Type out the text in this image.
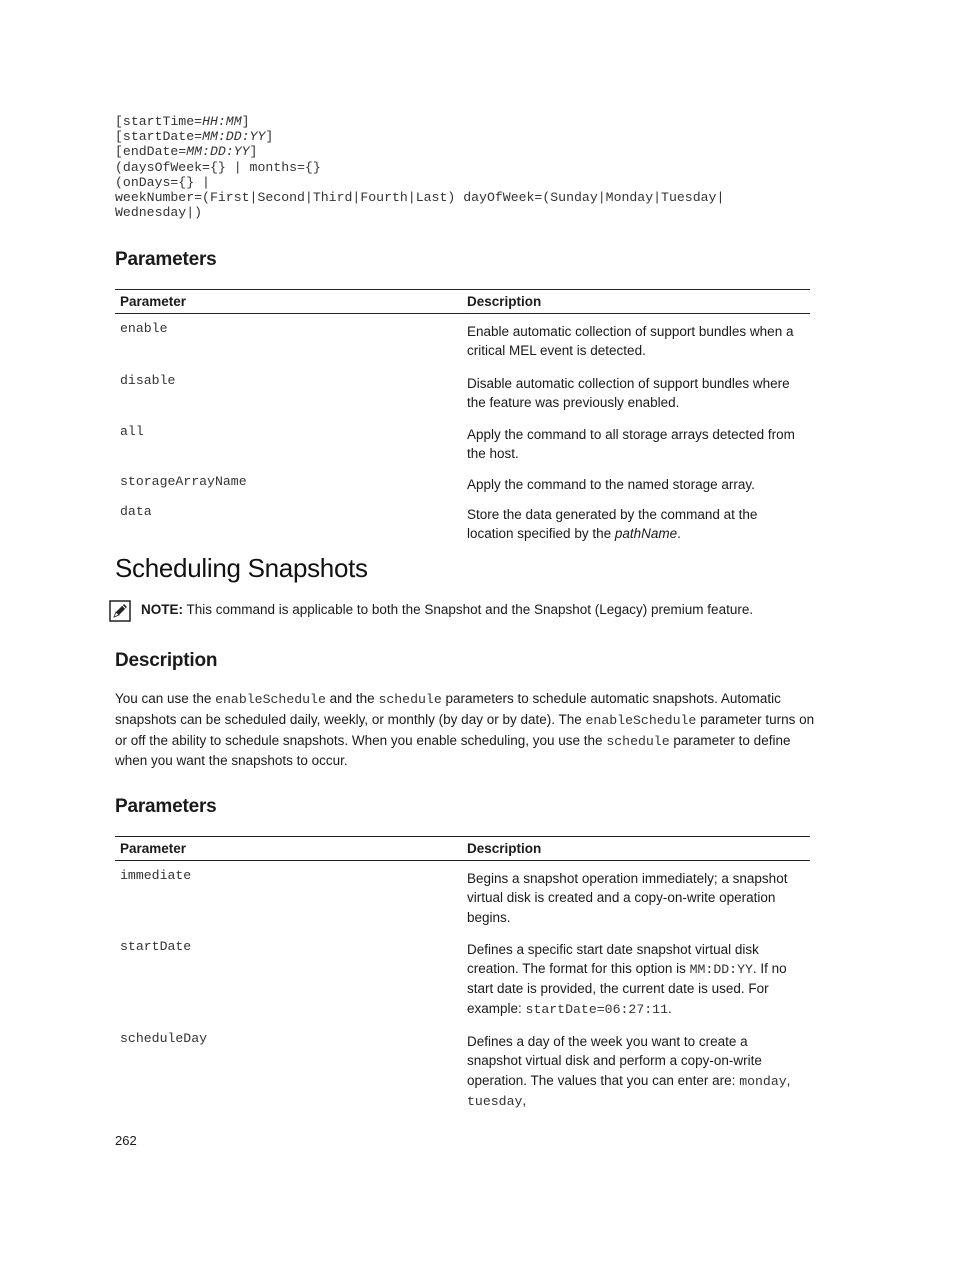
[startTime=HH:MM]
[startDate=MM:DD:YY]
[endDate=MM:DD:YY]
(daysOfWeek={} | months={}
(onDays={} |
weekNumber=(First|Second|Third|Fourth|Last) dayOfWeek=(Sunday|Monday|Tuesday|
Wednesday|)
Parameters
Parameter	Description

enable	Enable automatic collection of support bundles when a critical MEL event is detected.

disable	Disable automatic collection of support bundles where the feature was previously enabled.

all	Apply the command to all storage arrays detected from the host.

storageArrayName	Apply the command to the named storage array.

data	Store the data generated by the command at the location specified by the pathName.
Scheduling Snapshots
NOTE: This command is applicable to both the Snapshot and the Snapshot (Legacy) premium feature.
Description
You can use the enableSchedule and the schedule parameters to schedule automatic snapshots. Automatic snapshots can be scheduled daily, weekly, or monthly (by day or by date). The enableSchedule parameter turns on or off the ability to schedule snapshots. When you enable scheduling, you use the schedule parameter to define when you want the snapshots to occur.
Parameters
Parameter	Description

immediate	Begins a snapshot operation immediately; a snapshot virtual disk is created and a copy-on-write operation begins.

startDate	Defines a specific start date snapshot virtual disk creation. The format for this option is MM:DD:YY. If no start date is provided, the current date is used. For example: startDate=06:27:11.

scheduleDay	Defines a day of the week you want to create a snapshot virtual disk and perform a copy-on-write operation. The values that you can enter are: monday, tuesday,
262
